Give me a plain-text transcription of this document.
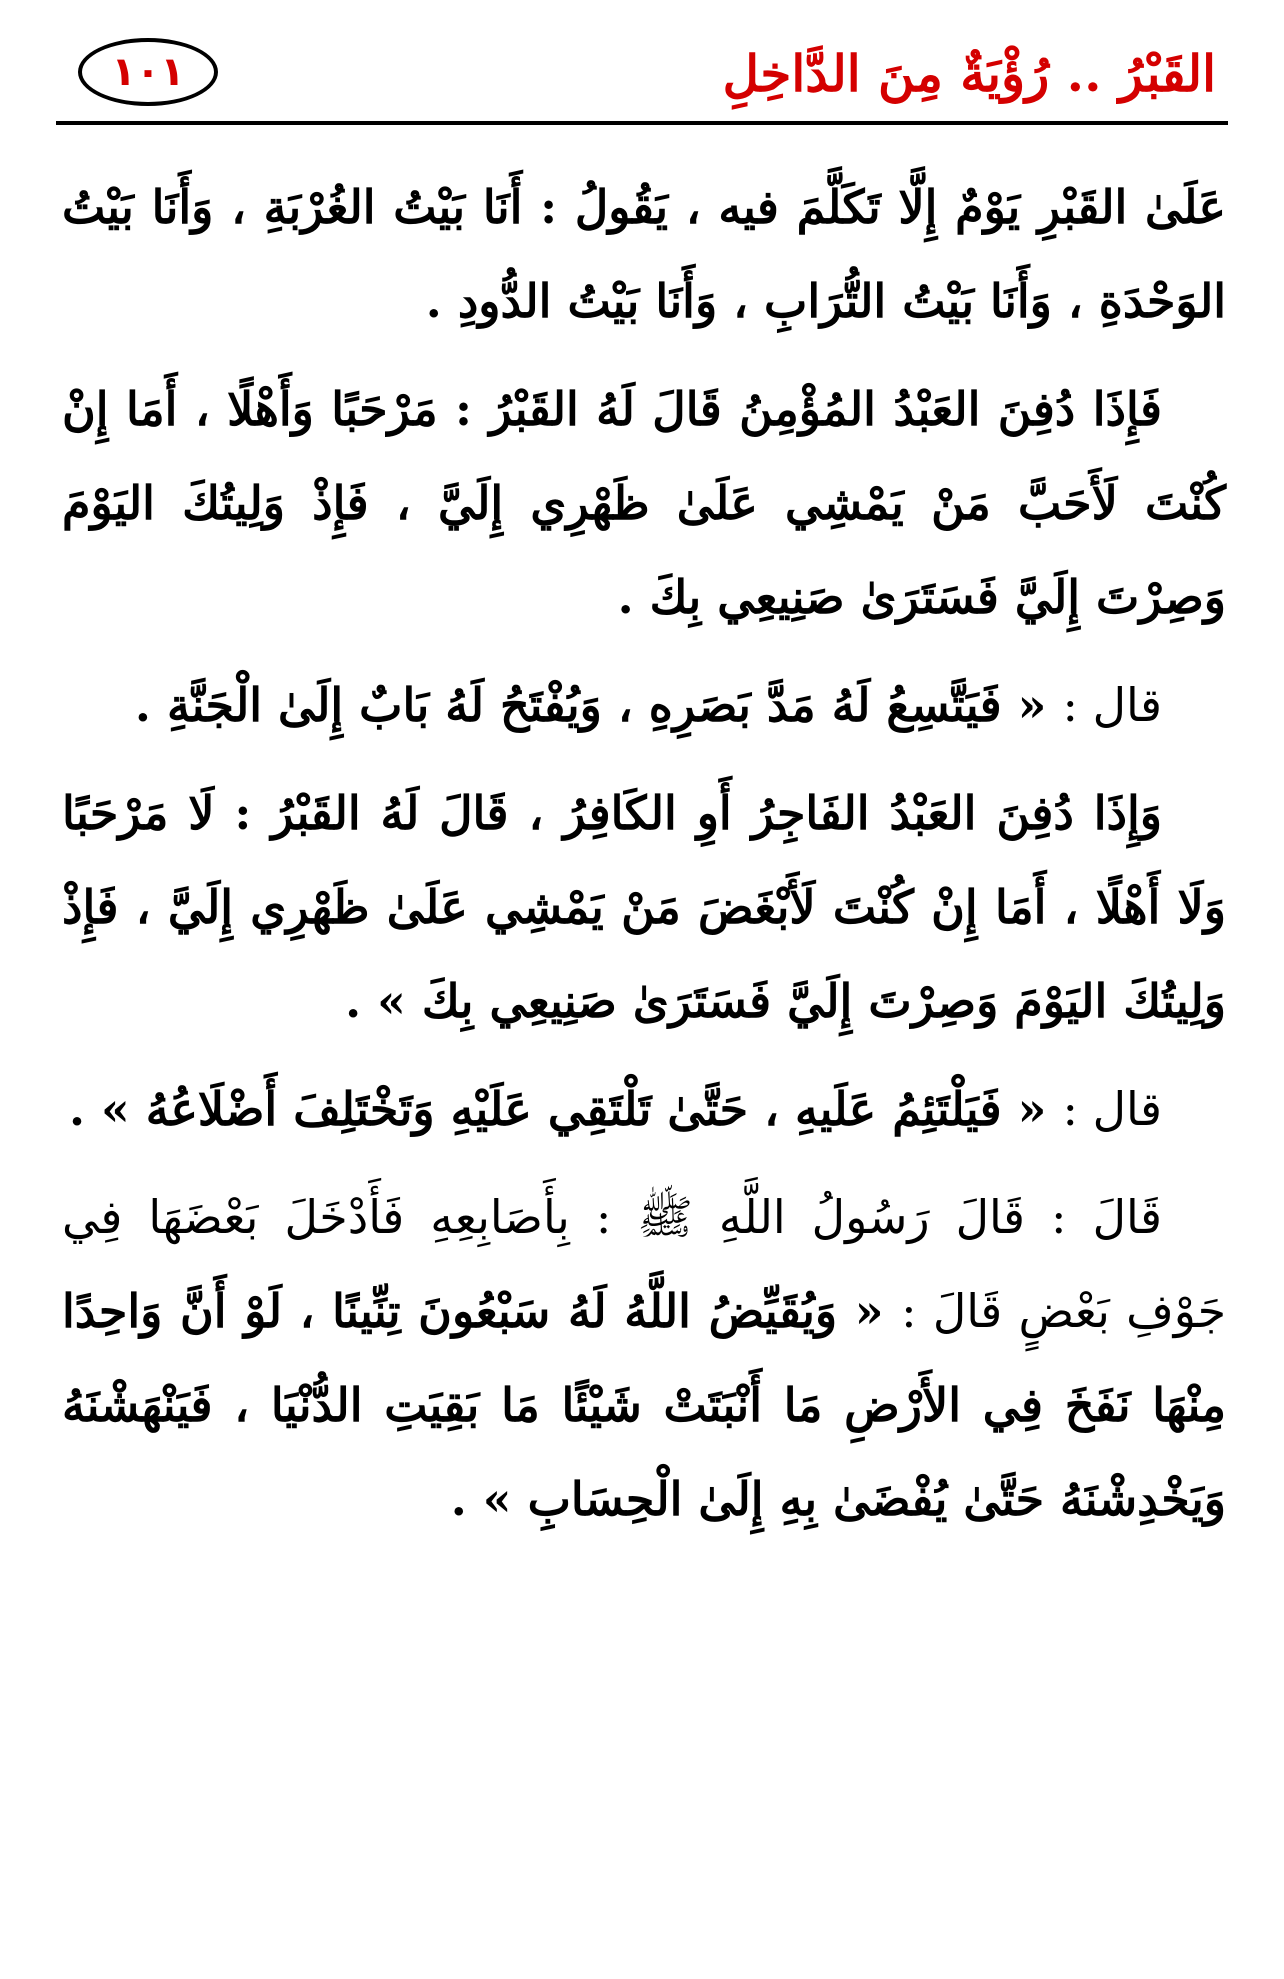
القَبْرُ .. رُؤْيَةٌ مِنَ الدَّاخِلِ
١٠١

عَلَىٰ القَبْرِ يَوْمٌ إِلَّا تَكَلَّمَ فيه ، يَقُولُ : أَنَا بَيْتُ الغُرْبَةِ ، وَأَنَا بَيْتُ الوَحْدَةِ ، وَأَنَا بَيْتُ التُّرَابِ ، وَأَنَا بَيْتُ الدُّودِ .

فَإِذَا دُفِنَ العَبْدُ المُؤْمِنُ قَالَ لَهُ القَبْرُ : مَرْحَبًا وَأَهْلًا ، أَمَا إِنْ كُنْتَ لَأَحَبَّ مَنْ يَمْشِي عَلَىٰ ظَهْرِي إِلَيَّ ، فَإِذْ وَلِيتُكَ اليَوْمَ وَصِرْتَ إِلَيَّ فَسَتَرَىٰ صَنِيعِي بِكَ .

قال : « فَيَتَّسِعُ لَهُ مَدَّ بَصَرِهِ ، وَيُفْتَحُ لَهُ بَابٌ إِلَىٰ الْجَنَّةِ .

وَإِذَا دُفِنَ العَبْدُ الفَاجِرُ أَوِ الكَافِرُ ، قَالَ لَهُ القَبْرُ : لَا مَرْحَبًا وَلَا أَهْلًا ، أَمَا إِنْ كُنْتَ لَأَبْغَضَ مَنْ يَمْشِي عَلَىٰ ظَهْرِي إِلَيَّ ، فَإِذْ وَلِيتُكَ اليَوْمَ وَصِرْتَ إِلَيَّ فَسَتَرَىٰ صَنِيعِي بِكَ » .

قال : « فَيَلْتَئِمُ عَلَيهِ ، حَتَّىٰ تَلْتَقِي عَلَيْهِ وَتَخْتَلِفَ أَضْلَاعُهُ » .

قَالَ : قَالَ رَسُولُ اللَّهِ ﷺ : بِأَصَابِعِهِ فَأَدْخَلَ بَعْضَهَا فِي جَوْفِ بَعْضٍ قَالَ : « وَيُقَيِّضُ اللَّهُ لَهُ سَبْعُونَ تِنِّينًا ، لَوْ أَنَّ وَاحِدًا مِنْهَا نَفَخَ فِي الأَرْضِ مَا أَنْبَتَتْ شَيْئًا مَا بَقِيَتِ الدُّنْيَا ، فَيَنْهَشْنَهُ وَيَخْدِشْنَهُ حَتَّىٰ يُفْضَىٰ بِهِ إِلَىٰ الْحِسَابِ » .
